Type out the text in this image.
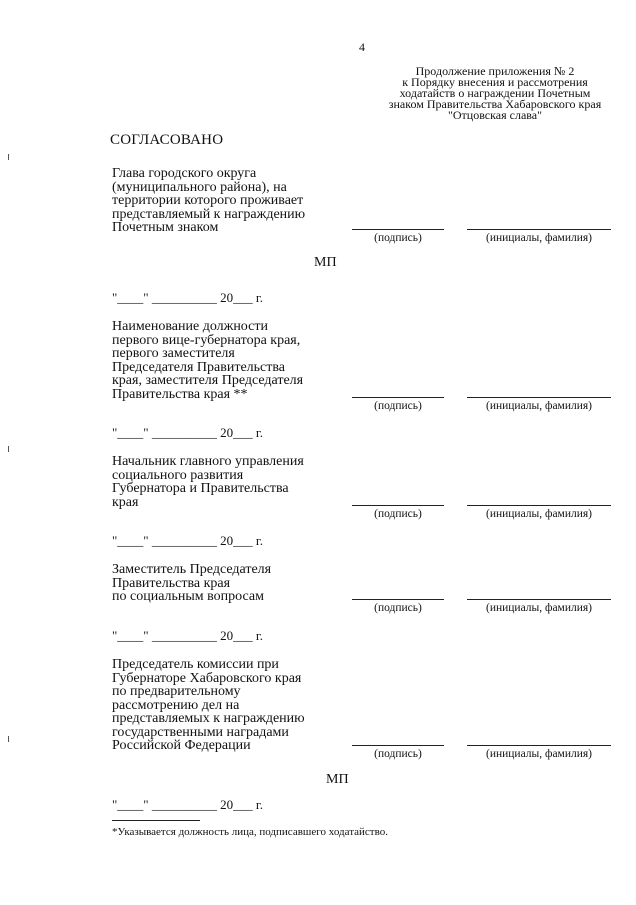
4
Продолжение приложения № 2
к Порядку внесения и рассмотрения
ходатайств о награждении Почетным
знаком Правительства Хабаровского края
"Отцовская слава"
СОГЛАСОВАНО
Глава городского округа
(муниципального района), на
территории которого проживает
представляемый к награждению
Почетным знаком
(подпись)	(инициалы, фамилия)
МП
"____" __________ 20___ г.
Наименование должности
первого вице-губернатора края,
первого заместителя
Председателя Правительства
края, заместителя Председателя
Правительства края **
(подпись)	(инициалы, фамилия)
"____" __________ 20___ г.
Начальник главного управления
социального развития
Губернатора и Правительства
края
(подпись)	(инициалы, фамилия)
"____" __________ 20___ г.
Заместитель Председателя
Правительства края
по социальным вопросам
(подпись)	(инициалы, фамилия)
"____" __________ 20___ г.
Председатель комиссии при
Губернаторе Хабаровского края
по предварительному
рассмотрению дел на
представляемых к награждению
государственными наградами
Российской Федерации
(подпись)	(инициалы, фамилия)
МП
"____" __________ 20___ г.
*Указывается должность лица, подписавшего ходатайство.
